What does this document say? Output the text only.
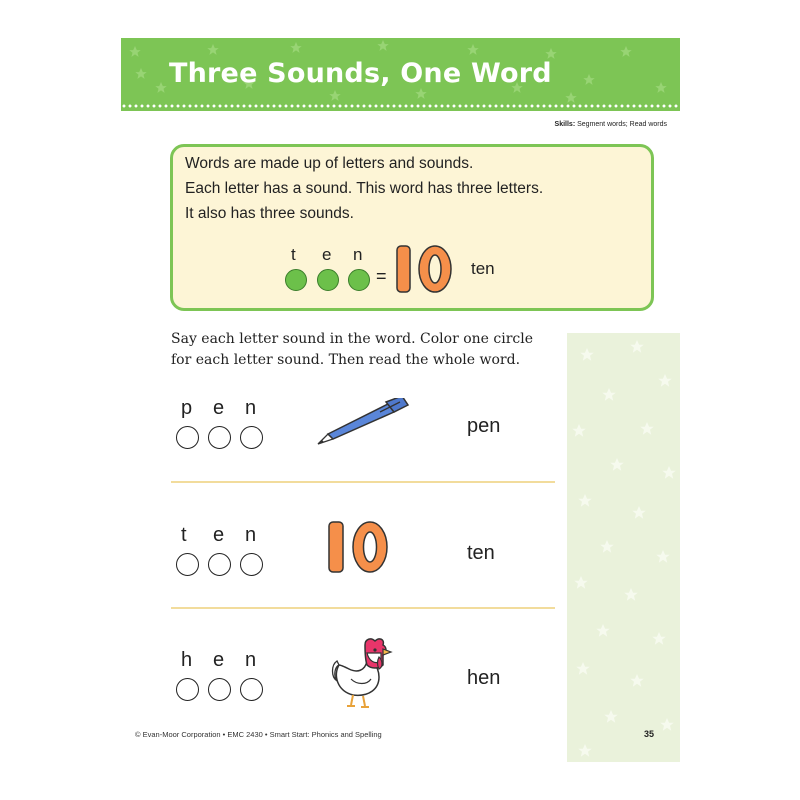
Three Sounds, One Word
Skills: Segment words; Read words
Words are made up of letters and sounds.
Each letter has a sound. This word has three letters.
It also has three sounds.
t e n
=	ten
Say each letter sound in the word. Color one circle
for each letter sound. Then read the whole word.
p e n
pen
t e n
ten
h e n
hen
© Evan-Moor Corporation • EMC 2430 • Smart Start: Phonics and Spelling	35
